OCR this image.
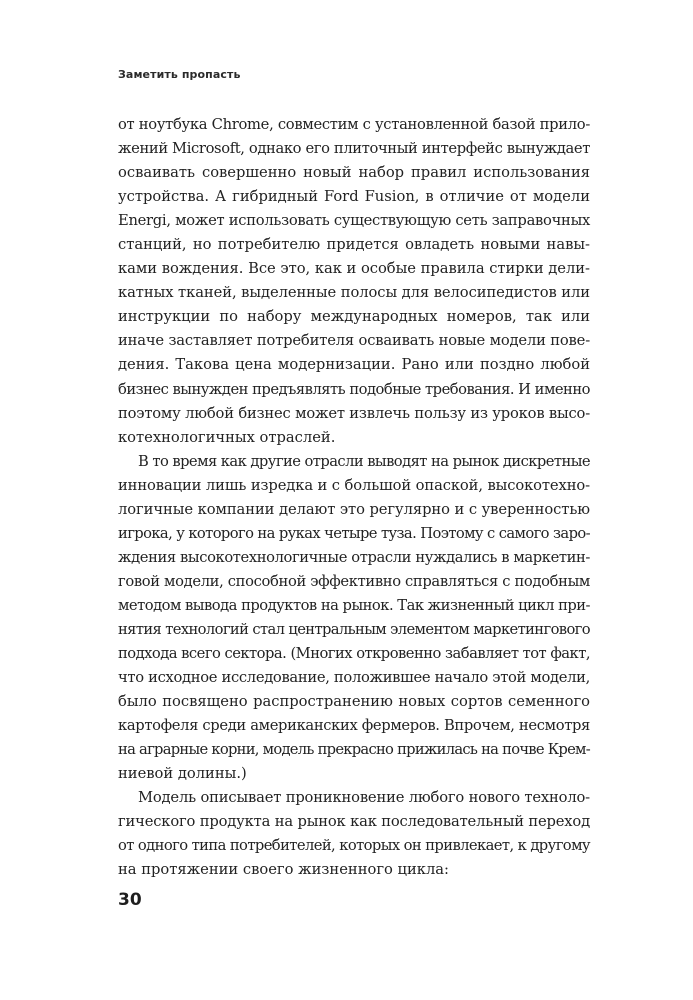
Заметить пропасть
от ноутбука Chrome, совместим с установленной базой прило-
жений Microsoft, однако его плиточный интерфейс вынуждает
осваивать совершенно новый набор правил использования
устройства. А гибридный Ford Fusion, в отличие от модели
Energi, может использовать существующую сеть заправочных
станций, но потребителю придется овладеть новыми навы-
ками вождения. Все это, как и особые правила стирки дели-
катных тканей, выделенные полосы для велосипедистов или
инструкции по набору международных номеров, так или
иначе заставляет потребителя осваивать новые модели пове-
дения. Такова цена модернизации. Рано или поздно любой
бизнес вынужден предъявлять подобные требования. И именно
поэтому любой бизнес может извлечь пользу из уроков высо-
котехнологичных отраслей.
В то время как другие отрасли выводят на рынок дискретные
инновации лишь изредка и с большой опаской, высокотехно-
логичные компании делают это регулярно и с уверенностью
игрока, у которого на руках четыре туза. Поэтому с самого заро-
ждения высокотехнологичные отрасли нуждались в маркетин-
говой модели, способной эффективно справляться с подобным
методом вывода продуктов на рынок. Так жизненный цикл при-
нятия технологий стал центральным элементом маркетингового
подхода всего сектора. (Многих откровенно забавляет тот факт,
что исходное исследование, положившее начало этой модели,
было посвящено распространению новых сортов семенного
картофеля среди американских фермеров. Впрочем, несмотря
на аграрные корни, модель прекрасно прижилась на почве Крем-
ниевой долины.)
Модель описывает проникновение любого нового техноло-
гического продукта на рынок как последовательный переход
от одного типа потребителей, которых он привлекает, к другому
на протяжении своего жизненного цикла:
30
